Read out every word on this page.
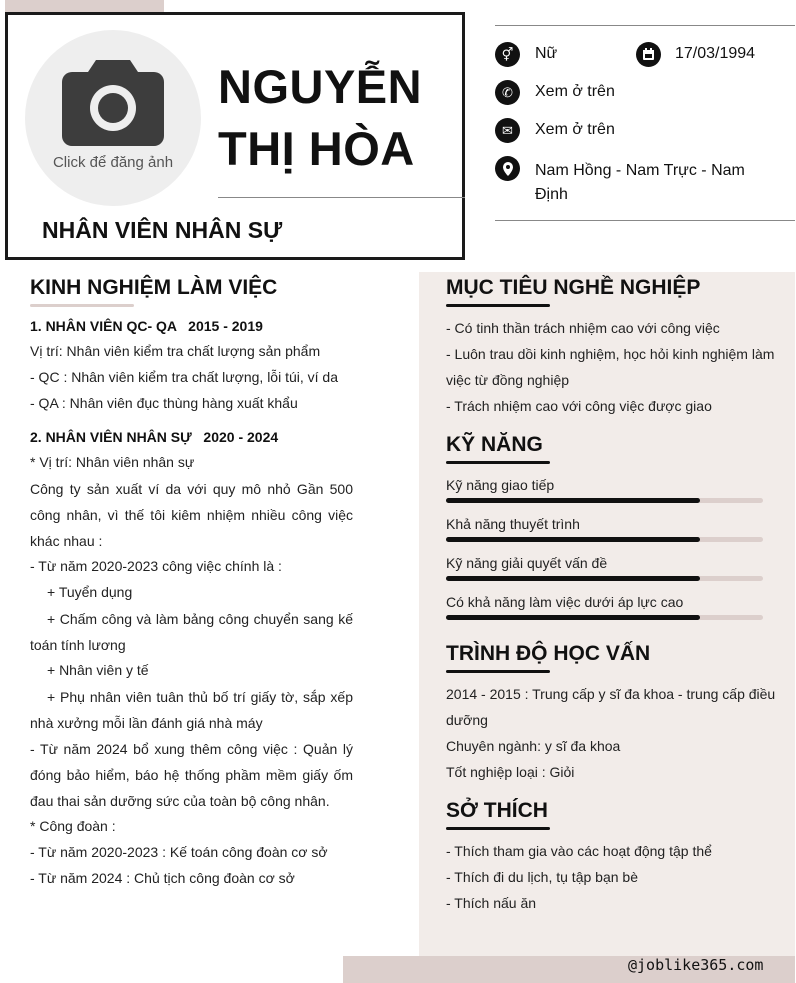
Click để đăng ảnh
NGUYỄN
THỊ HÒA
NHÂN VIÊN NHÂN SỰ
⚥	Nữ	17/03/1994
✆	Xem ở trên
✉	Xem ở trên
Nam Hồng - Nam Trực - Nam
Định
KINH NGHIỆM LÀM VIỆC
1. NHÂN VIÊN QC- QA   2015 - 2019
Vị trí: Nhân viên kiểm tra chất lượng sản phẩm
- QC : Nhân viên kiểm tra chất lượng, lỗi túi, ví da
- QA : Nhân viên đục thùng hàng xuất khẩu
2. NHÂN VIÊN NHÂN SỰ   2020 - 2024
* Vị trí: Nhân viên nhân sự
Công ty sản xuất ví da với quy mô nhỏ Gần 500 công nhân, vì thế tôi kiêm nhiệm nhiều công việc khác nhau :
- Từ năm 2020-2023 công việc chính là :
+ Tuyển dụng
+ Chấm công và làm bảng công chuyển sang kế toán tính lương
+ Nhân viên y tế
+ Phụ nhân viên tuân thủ bố trí giấy tờ, sắp xếp nhà xưởng mỗi lần đánh giá nhà máy
- Từ năm 2024 bổ xung thêm công việc : Quản lý đóng bảo hiểm, báo hệ thống phầm mềm giấy ốm đau thai sản dưỡng sức của toàn bộ công nhân.
* Công đoàn :
- Từ năm 2020-2023 : Kế toán công đoàn cơ sở
- Từ năm 2024 : Chủ tịch công đoàn cơ sở
MỤC TIÊU NGHỀ NGHIỆP
- Có tinh thần trách nhiệm cao với công việc
- Luôn trau dồi kinh nghiệm, học hỏi kinh nghiệm làm
việc từ đồng nghiệp
- Trách nhiệm cao với công việc được giao
KỸ NĂNG
Kỹ năng giao tiếp
Khả năng thuyết trình
Kỹ năng giải quyết vấn đề
Có khả năng làm việc dưới áp lực cao
TRÌNH ĐỘ HỌC VẤN
2014 - 2015 : Trung cấp y sĩ đa khoa - trung cấp điều
dưỡng
Chuyên ngành: y sĩ đa khoa
Tốt nghiệp loại : Giỏi
SỞ THÍCH
- Thích tham gia vào các hoạt động tập thể
- Thích đi du lịch, tụ tập bạn bè
- Thích nấu ăn
@joblike365.com
